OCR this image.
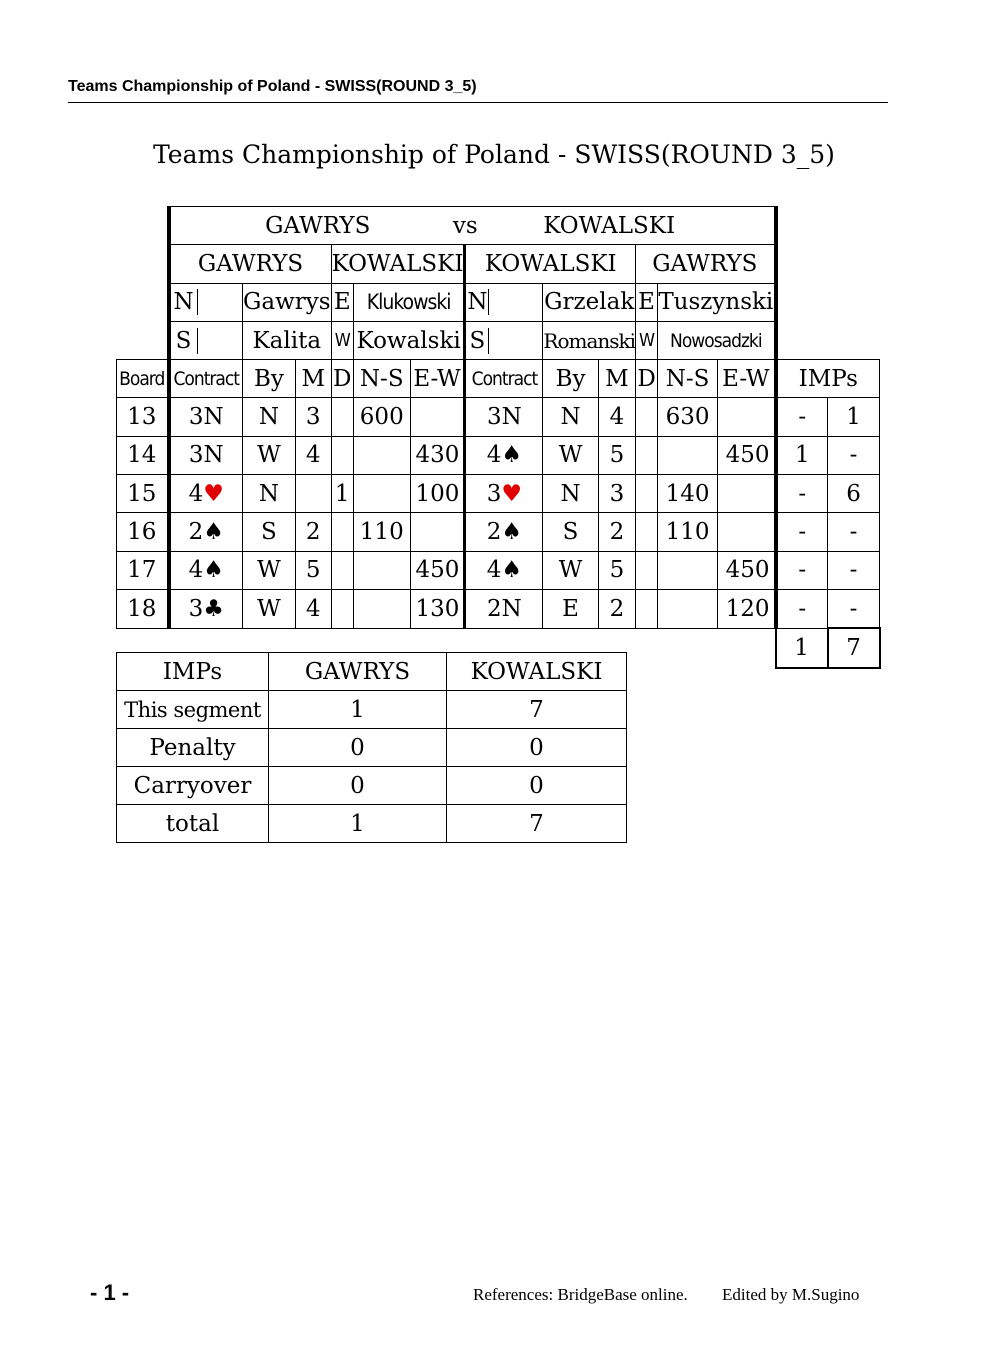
Teams Championship of Poland - SWISS(ROUND 3_5)
Teams Championship of Poland - SWISS(ROUND 3_5)
	GAWRYS						vs KOWALSKI							
	GAWRYS			KOWALSKI			KOWALSKI			GAWRYS				

	N	Gawrys		E	Klukowski		N	Grzelak		E	Tuszynski			

	S	Kalita		W	Kowalski		S	Romanski		W	Nowosadzki			
Board	Contract	By	M	D	N-S	E-W	Contract	By	M	D	N-S	E-W	IMPs	
13	3N	N	3		600		3N	N	4		630		-	1
14	3N	W	4			430	4♠	W	5			450	1	-
15	4♥	N		1		100	3♥	N	3		140		-	6
16	2♠	S	2		110		2♠	S	2		110		-	-
17	4♠	W	5			450	4♠	W	5			450	-	-
18	3♣	W	4			130	2N	E	2			120	-	-
													1	7
IMPs	GAWRYS	KOWALSKI
This segment	1	7
Penalty	0	0
Carryover	0	0
total	1	7
- 1 -	References: BridgeBase online. Edited by M.Sugino
